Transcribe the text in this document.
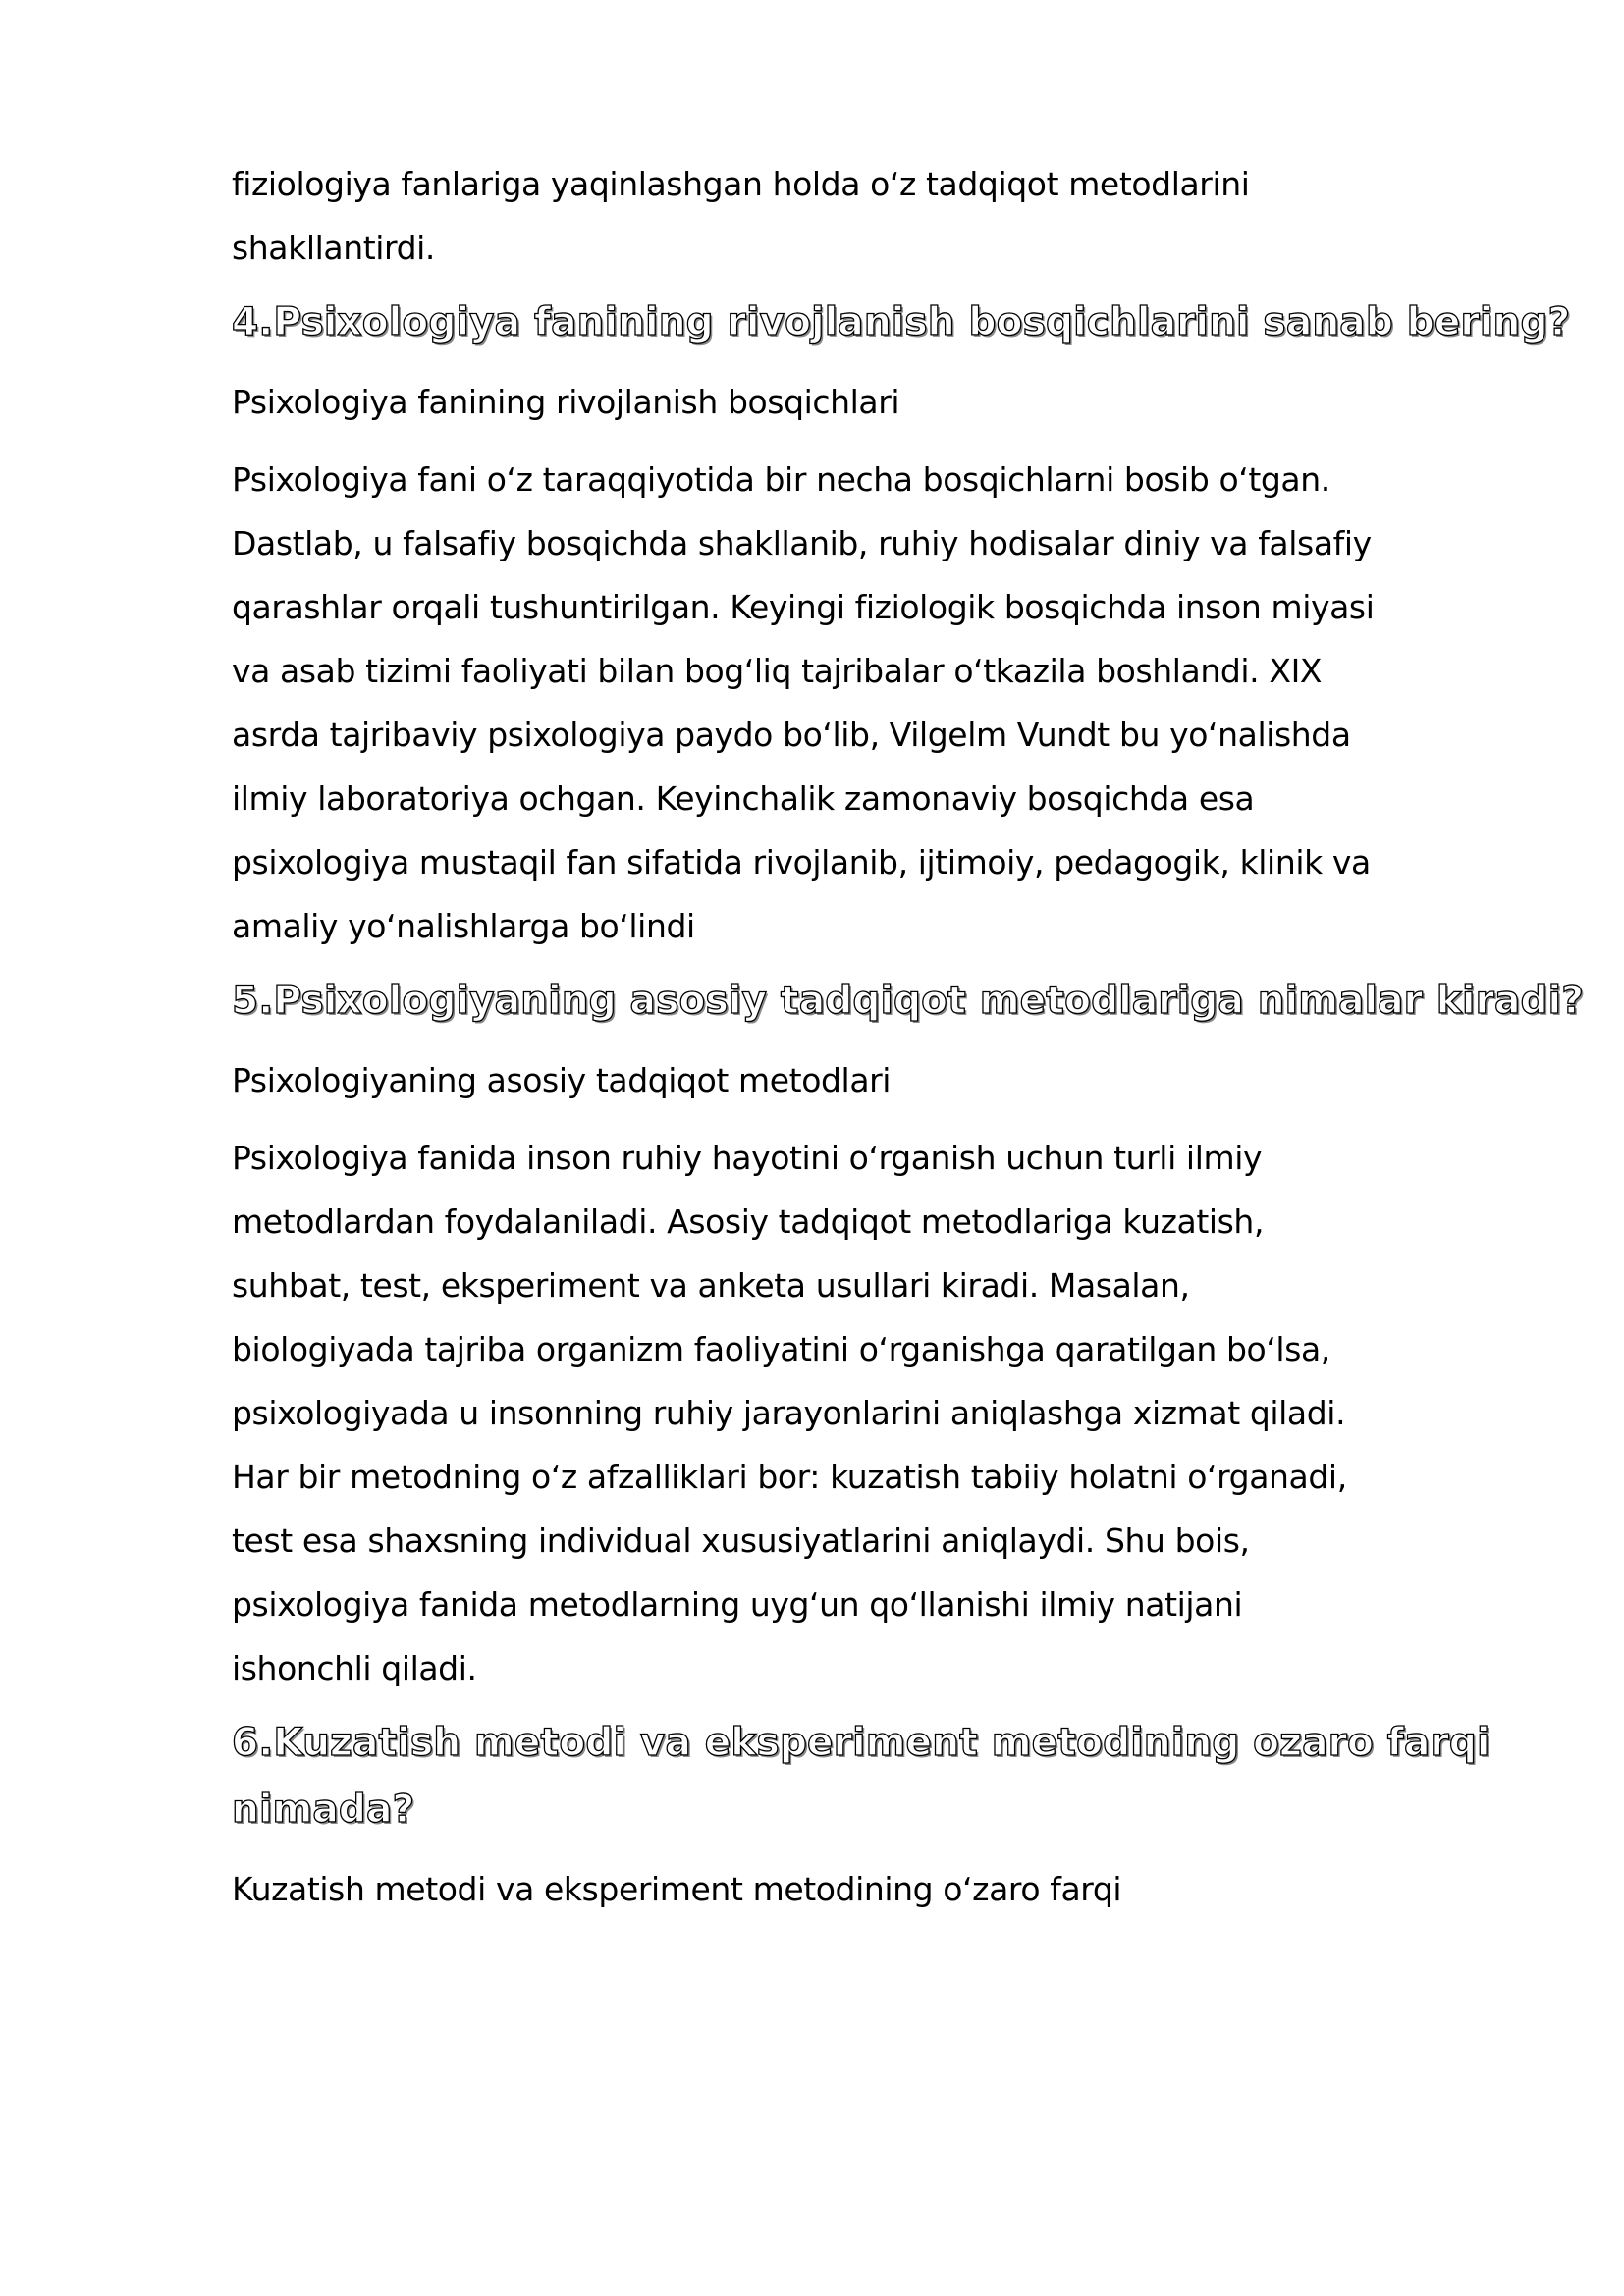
fiziologiya fanlariga yaqinlashgan holda o‘z tadqiqot metodlarini
shakllantirdi.

4.Psixologiya fanining rivojlanish bosqichlarini sanab bering?

Psixologiya fanining rivojlanish bosqichlari

Psixologiya fani o‘z taraqqiyotida bir necha bosqichlarni bosib o‘tgan.
Dastlab, u falsafiy bosqichda shakllanib, ruhiy hodisalar diniy va falsafiy
qarashlar orqali tushuntirilgan. Keyingi fiziologik bosqichda inson miyasi
va asab tizimi faoliyati bilan bog‘liq tajribalar o‘tkazila boshlandi. XIX
asrda tajribaviy psixologiya paydo bo‘lib, Vilgelm Vundt bu yo‘nalishda
ilmiy laboratoriya ochgan. Keyinchalik zamonaviy bosqichda esa
psixologiya mustaqil fan sifatida rivojlanib, ijtimoiy, pedagogik, klinik va
amaliy yo‘nalishlarga bo‘lindi

5.Psixologiyaning asosiy tadqiqot metodlariga nimalar kiradi?

Psixologiyaning asosiy tadqiqot metodlari

Psixologiya fanida inson ruhiy hayotini o‘rganish uchun turli ilmiy
metodlardan foydalaniladi. Asosiy tadqiqot metodlariga kuzatish,
suhbat, test, eksperiment va anketa usullari kiradi. Masalan,
biologiyada tajriba organizm faoliyatini o‘rganishga qaratilgan bo‘lsa,
psixologiyada u insonning ruhiy jarayonlarini aniqlashga xizmat qiladi.
Har bir metodning o‘z afzalliklari bor: kuzatish tabiiy holatni o‘rganadi,
test esa shaxsning individual xususiyatlarini aniqlaydi. Shu bois,
psixologiya fanida metodlarning uyg‘un qo‘llanishi ilmiy natijani
ishonchli qiladi.

6.Kuzatish metodi va eksperiment metodining ozaro farqi
nimada?

Kuzatish metodi va eksperiment metodining o‘zaro farqi
